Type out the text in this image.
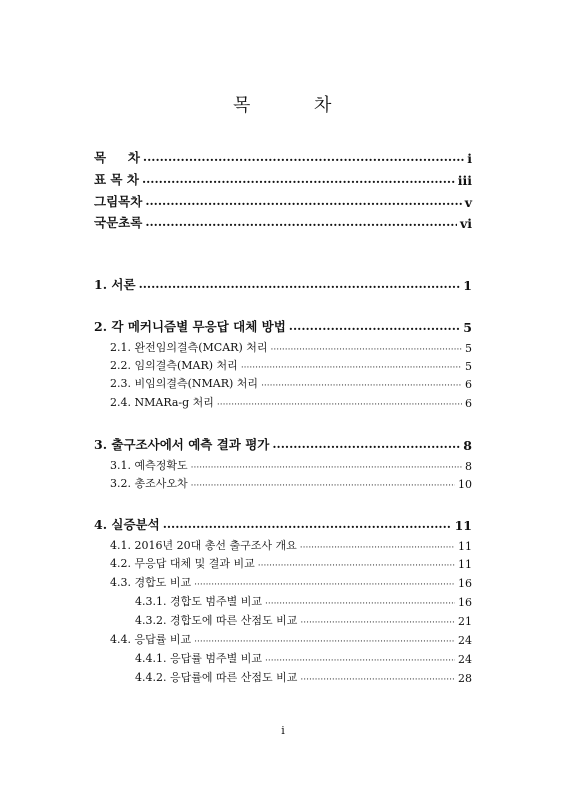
목	차
목     차 ·····	i
표 목 차 ·····	iii
그림목차 ·····	v
국문초록 ·····	vi
1. 서론 ·····	1
2. 각 메커니즘별 무응답 대체 방법 ·····	5
2.1. 완전임의결측(MCAR) 처리 ·····	5
2.2. 임의결측(MAR) 처리 ·····	5
2.3. 비임의결측(NMAR) 처리 ·····	6
2.4. NMARa-g 처리 ·····	6
3. 출구조사에서 예측 결과 평가 ·····	8
3.1. 예측정확도 ·····	8
3.2. 총조사오차 ·····	10
4. 실증분석 ·····	11
4.1. 2016년 20대 총선 출구조사 개요 ·····	11
4.2. 무응답 대체 및 결과 비교 ·····	11
4.3. 경합도 비교 ·····	16
4.3.1. 경합도 범주별 비교 ·····	16
4.3.2. 경합도에 따른 산점도 비교 ·····	21
4.4. 응답률 비교 ·····	24
4.4.1. 응답률 범주별 비교 ·····	24
4.4.2. 응답률에 따른 산점도 비교 ·····	28
i
